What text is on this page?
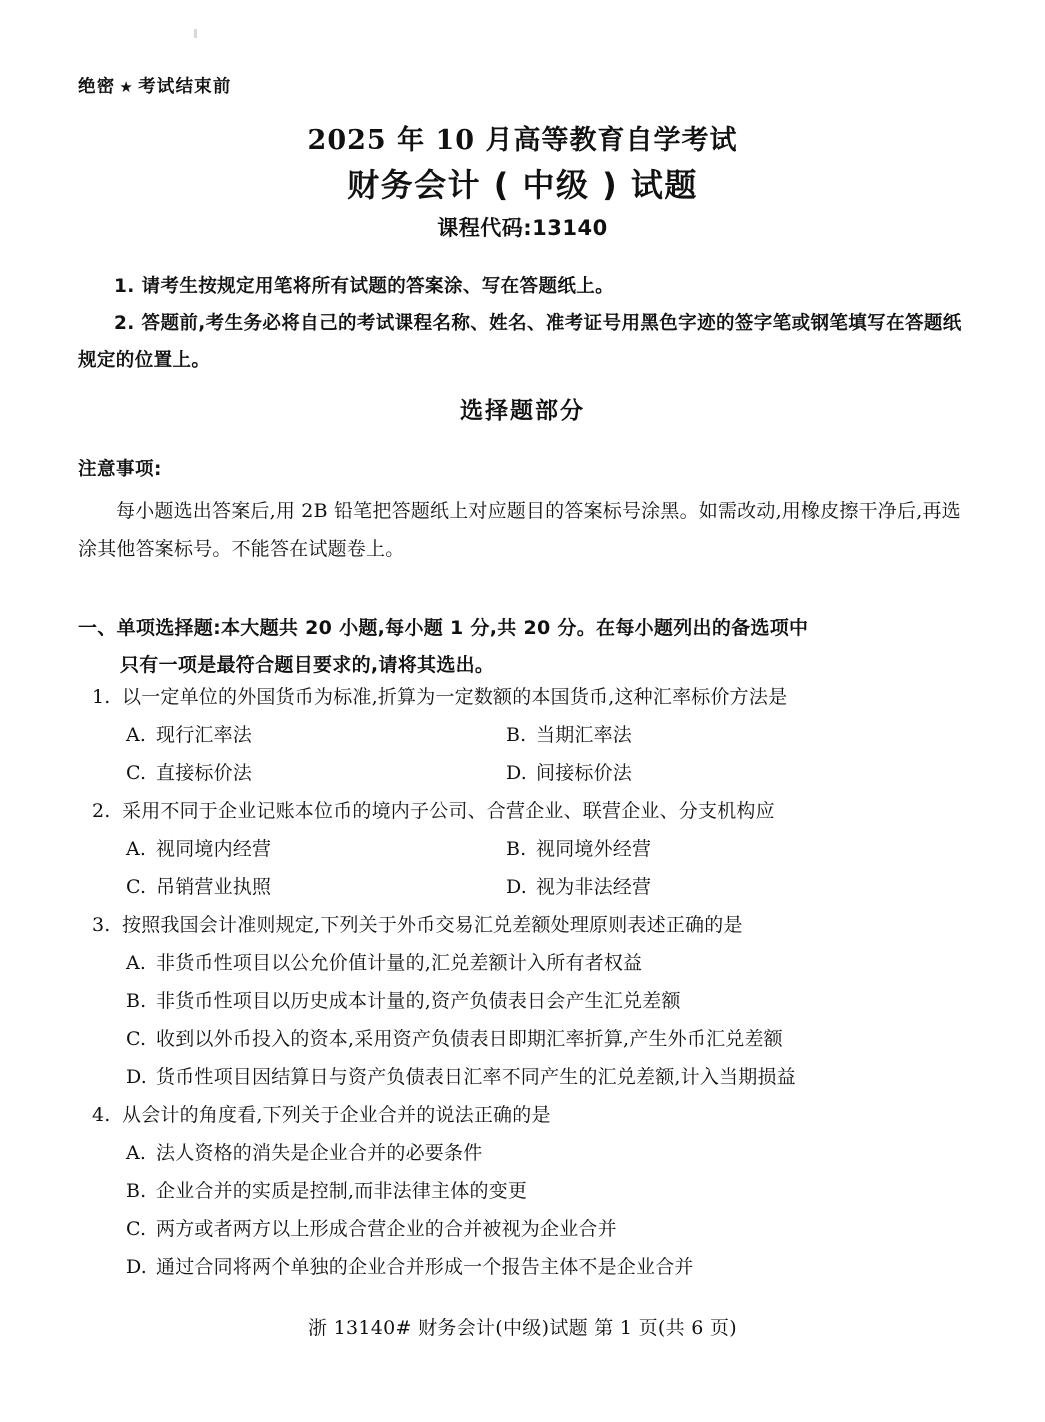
绝密 ★ 考试结束前
2025 年 10 月高等教育自学考试
财务会计 ( 中级 ) 试题
课程代码:13140
1. 请考生按规定用笔将所有试题的答案涂、写在答题纸上。
2. 答题前,考生务必将自己的考试课程名称、姓名、准考证号用黑色字迹的签字笔或钢笔填写在答题纸规定的位置上。
选择题部分
注意事项:
每小题选出答案后,用 2B 铅笔把答题纸上对应题目的答案标号涂黑。如需改动,用橡皮擦干净后,再选涂其他答案标号。不能答在试题卷上。
一、单项选择题:本大题共 20 小题,每小题 1 分,共 20 分。在每小题列出的备选项中
只有一项是最符合题目要求的,请将其选出。
1. 以一定单位的外国货币为标准,折算为一定数额的本国货币,这种汇率标价方法是
A. 现行汇率法	B. 当期汇率法
C. 直接标价法	D. 间接标价法
2. 采用不同于企业记账本位币的境内子公司、合营企业、联营企业、分支机构应
A. 视同境内经营	B. 视同境外经营
C. 吊销营业执照	D. 视为非法经营
3. 按照我国会计准则规定,下列关于外币交易汇兑差额处理原则表述正确的是
A. 非货币性项目以公允价值计量的,汇兑差额计入所有者权益
B. 非货币性项目以历史成本计量的,资产负债表日会产生汇兑差额
C. 收到以外币投入的资本,采用资产负债表日即期汇率折算,产生外币汇兑差额
D. 货币性项目因结算日与资产负债表日汇率不同产生的汇兑差额,计入当期损益
4. 从会计的角度看,下列关于企业合并的说法正确的是
A. 法人资格的消失是企业合并的必要条件
B. 企业合并的实质是控制,而非法律主体的变更
C. 两方或者两方以上形成合营企业的合并被视为企业合并
D. 通过合同将两个单独的企业合并形成一个报告主体不是企业合并
浙 13140# 财务会计(中级)试题 第 1 页(共 6 页)
